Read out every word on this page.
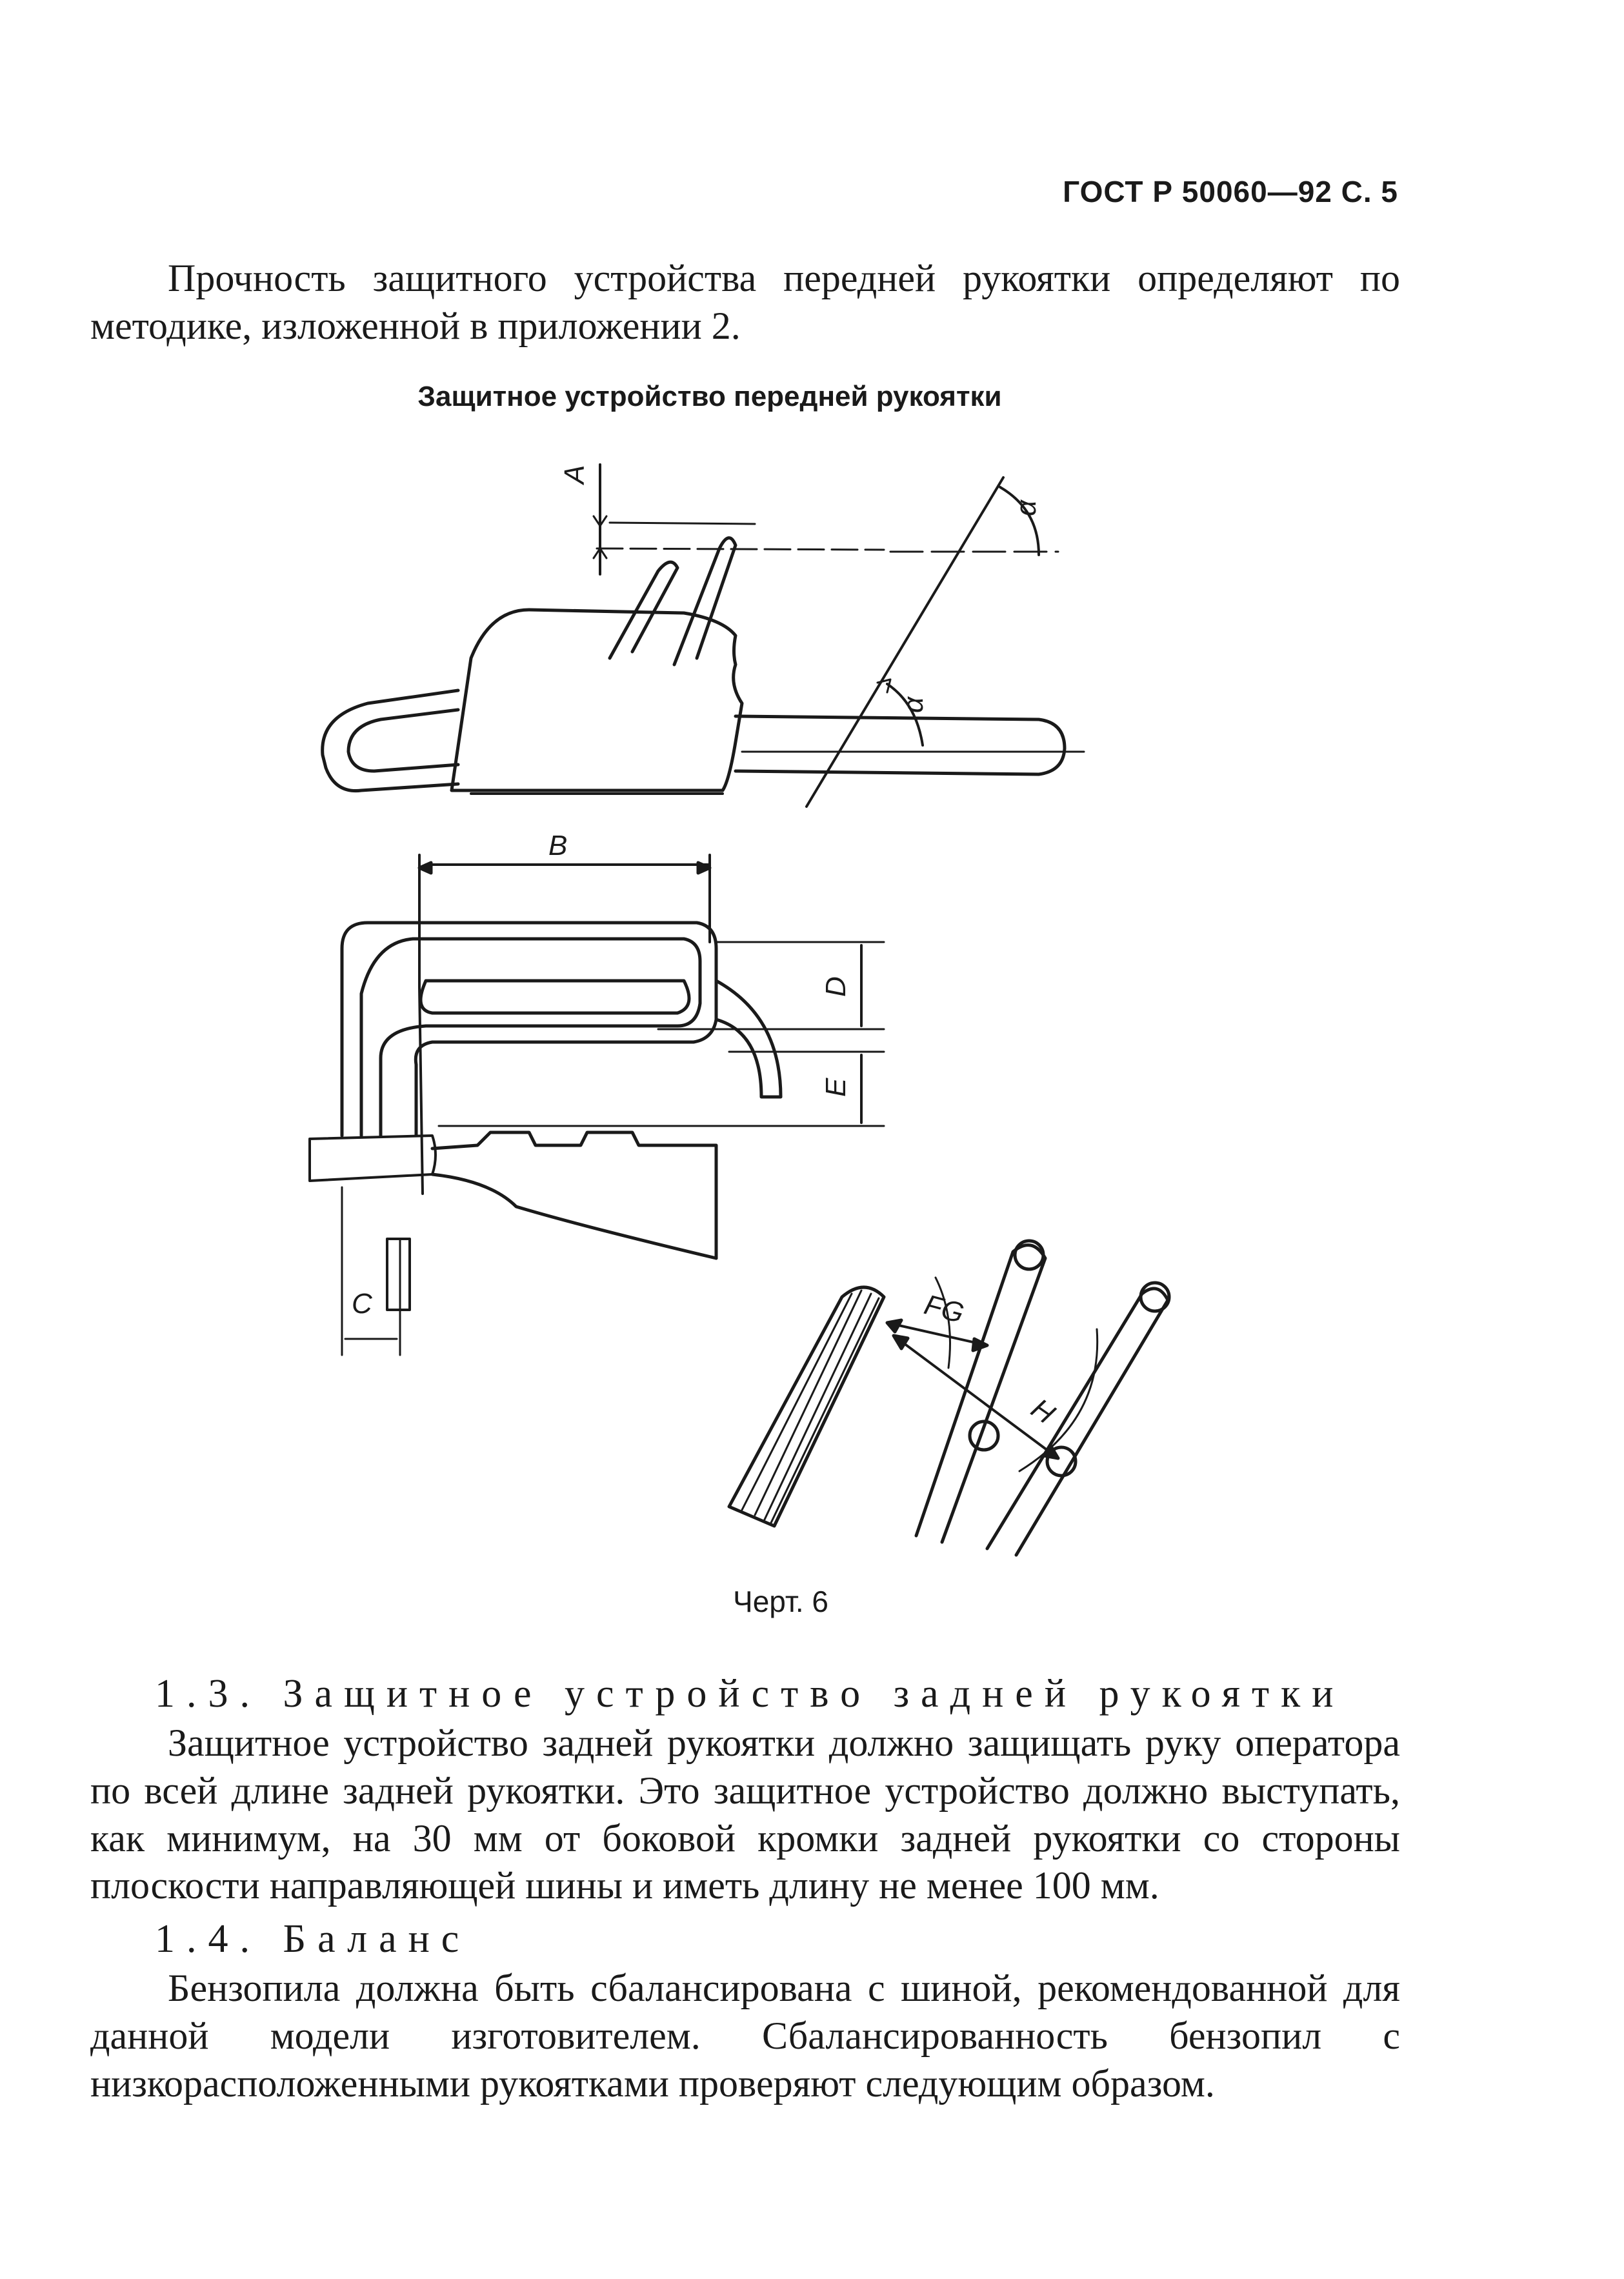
ГОСТ Р 50060—92 С. 5
Прочность защитного устройства передней рукоятки определяют по методике, изложенной в приложении 2.
Защитное устройство передней рукоятки
A
α
α
B
D
E
C	FG
H
Черт. 6
1.3. Защитное устройство задней рукоятки
Защитное устройство задней рукоятки должно защищать руку оператора по всей длине задней рукоятки. Это защитное устройство должно выступать, как минимум, на 30 мм от боковой кромки задней рукоятки со стороны плоскости направляющей шины и иметь длину не менее 100 мм.
1.4. Баланс
Бензопила должна быть сбалансирована с шиной, рекомендованной для данной модели изготовителем. Сбалансированность бензопил с низкорасположенными рукоятками проверяют следующим образом.
